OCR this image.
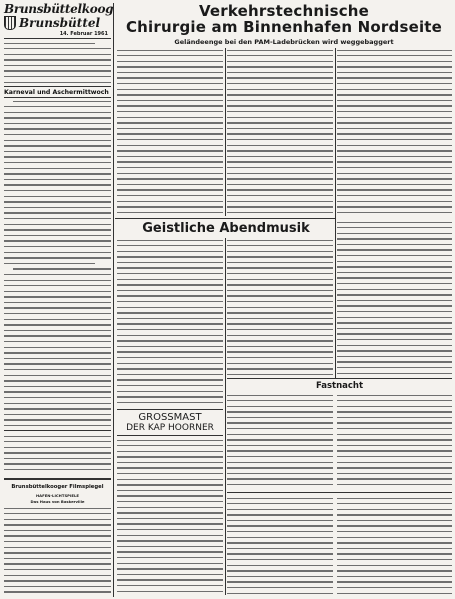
Brunsbüttelkoog
Brunsbüttel
14. Februar 1961
Karneval und Aschermittwoch
Brunsbüttelkooger Filmspiegel
HAFEN-LICHTSPIELE
Das Haus von Baskerville
Verkehrstechnische
Chirurgie am Binnenhafen Nordseite
Geländeenge bei den PAM-Ladebrücken wird weggebaggert
Geistliche Abendmusik
GROSSMAST
DER KAP HOORNER
Fastnacht
